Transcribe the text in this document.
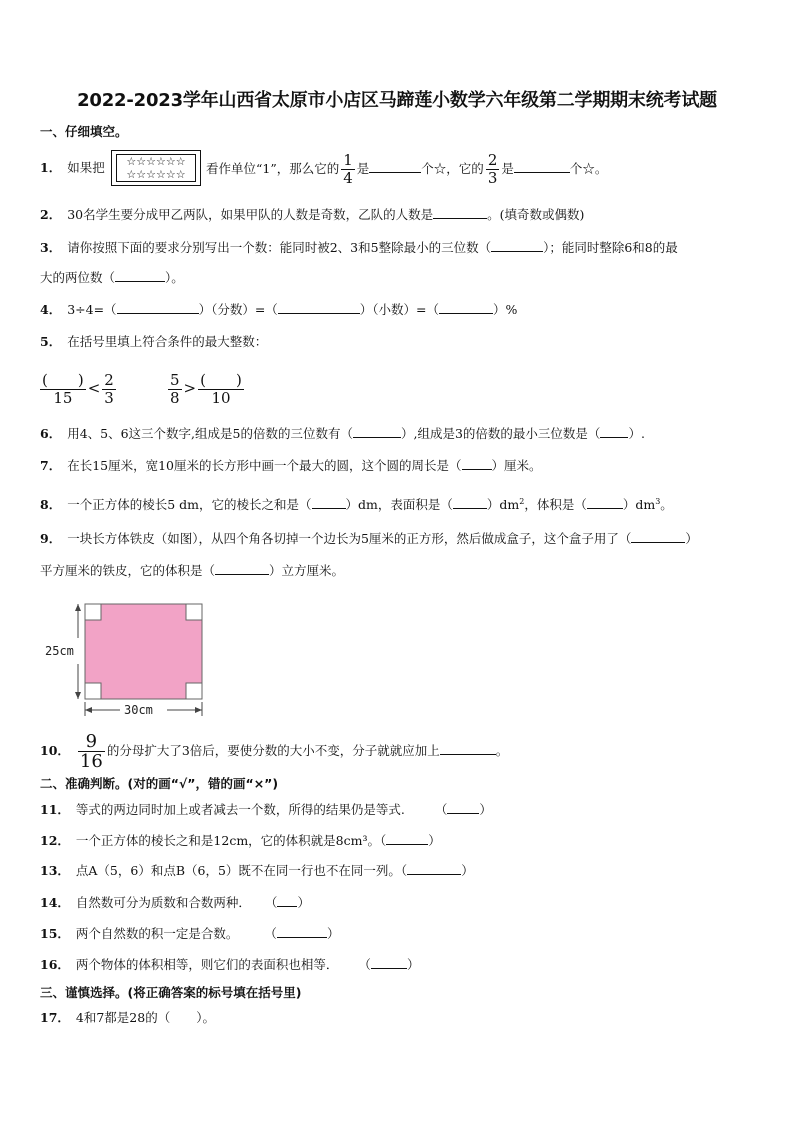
2022-2023学年山西省太原市小店区马蹄莲小数学六年级第二学期期末统考试题
一、仔细填空。
1． 如果把	☆☆☆☆☆☆
☆☆☆☆☆☆	看作单位“1”，那么它的 $\frac{1}{4}$ 是	个☆，它的 $\frac{2}{3}$ 是	个☆。
2． 30名学生要分成甲乙两队，如果甲队的人数是奇数，乙队的人数是	。(填奇数或偶数)
3． 请你按照下面的要求分别写出一个数：能同时被2、3和5整除最小的三位数（	）；能同时整除6和8的最
大的两位数（	）。
4． 3÷4=（	）（分数）=（	）（小数）=（	）%
5． 在括号里填上符合条件的最大整数：
$\frac{( )}{15} < \frac{2}{3}$	$\frac{5}{8} > \frac{( )}{10}$
6． 用4、5、6这三个数字,组成是5的倍数的三位数有（	）,组成是3的倍数的最小三位数是（ ）.
7． 在长15厘米，宽10厘米的长方形中画一个最大的圆，这个圆的周长是（ ）厘米。
8． 一个正方体的棱长5 dm，它的棱长之和是（	）dm，表面积是（	）$dm^2$，体积是（	）$dm^3$。
9． 一块长方体铁皮（如图），从四个角各切掉一个边长为5厘米的正方形，然后做成盒子，这个盒子用了（	）
平方厘米的铁皮，它的体积是（	）立方厘米。
25cm
30cm
10． $\frac{9}{16}$ 的分母扩大了3倍后，要使分数的大小不变，分子就就应加上	。
二、准确判断。(对的画“√”，错的画“×”)
11． 等式的两边同时加上或者减去一个数，所得的结果仍是等式. （	）
12． 一个正方体的棱长之和是12cm，它的体积就是8cm³。（	）
13． 点A（5，6）和点B（6，5）既不在同一行也不在同一列。（	）
14． 自然数可分为质数和合数两种． （ ）
15． 两个自然数的积一定是合数。 （	）
16． 两个物体的体积相等，则它们的表面积也相等． （	）
三、谨慎选择。(将正确答案的标号填在括号里)
17． 4和7都是28的（ ）。
